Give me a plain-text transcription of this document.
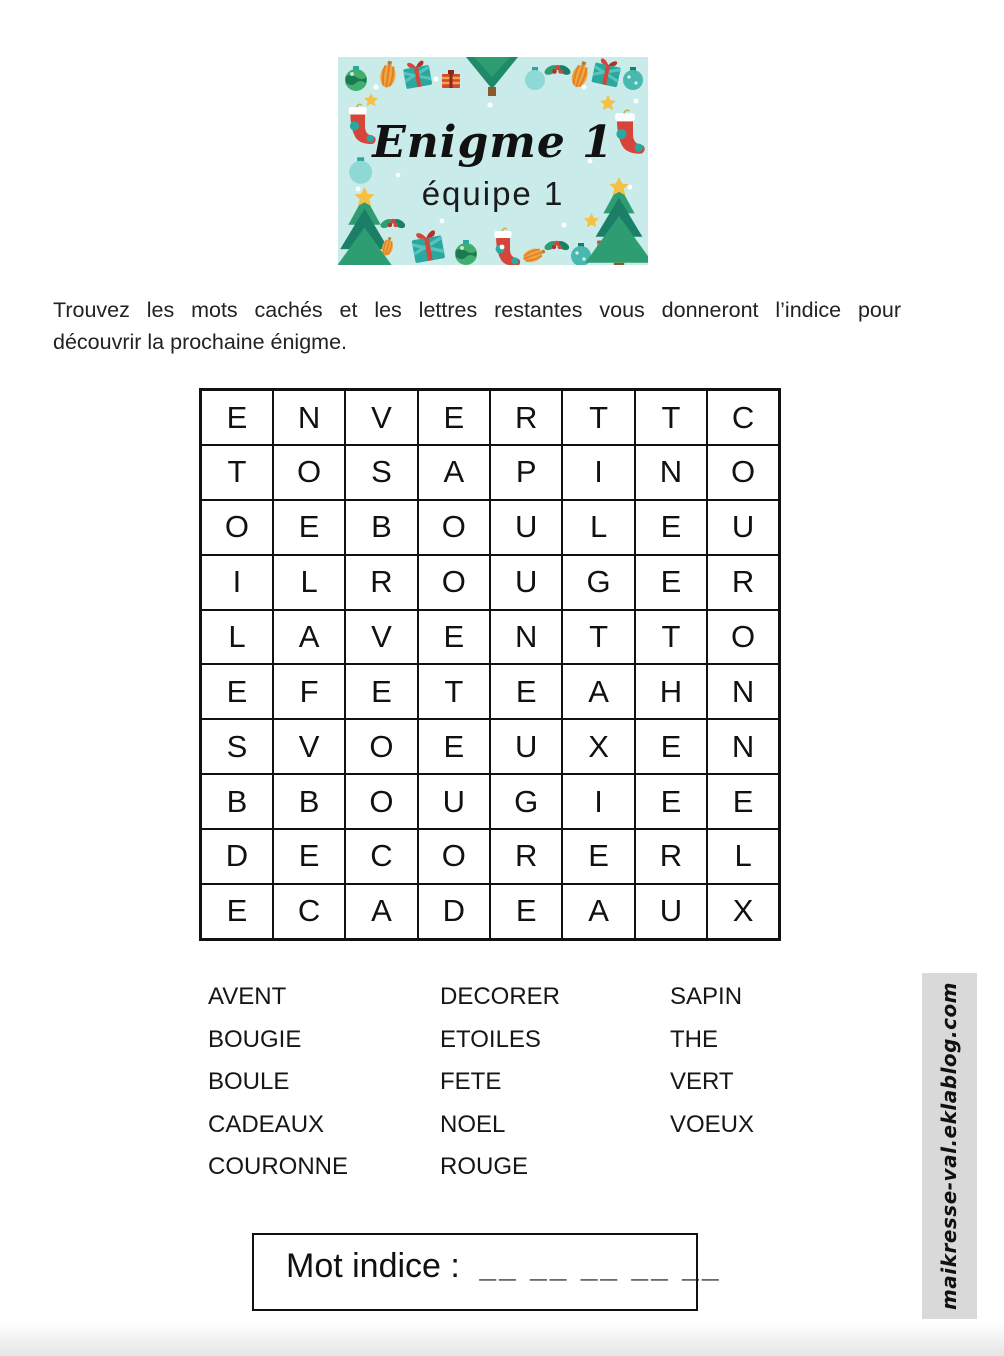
Enigme 1
équipe 1
Trouvez les mots cachés et les lettres restantes vous donneront l’indice pour
découvrir la prochaine énigme.
E	N	V	E	R	T	T	C
T	O	S	A	P	I	N	O
O	E	B	O	U	L	E	U
I	L	R	O	U	G	E	R
L	A	V	E	N	T	T	O
E	F	E	T	E	A	H	N
S	V	O	E	U	X	E	N
B	B	O	U	G	I	E	E
D	E	C	O	R	E	R	L
E	C	A	D	E	A	U	X
AVENT
BOUGIE
BOULE
CADEAUX
COURONNE
DECORER
ETOILES
FETE
NOEL
ROUGE
SAPIN
THE
VERT
VOEUX
Mot indice : __ __ __ __ __	maikresse-val.eklablog.com
